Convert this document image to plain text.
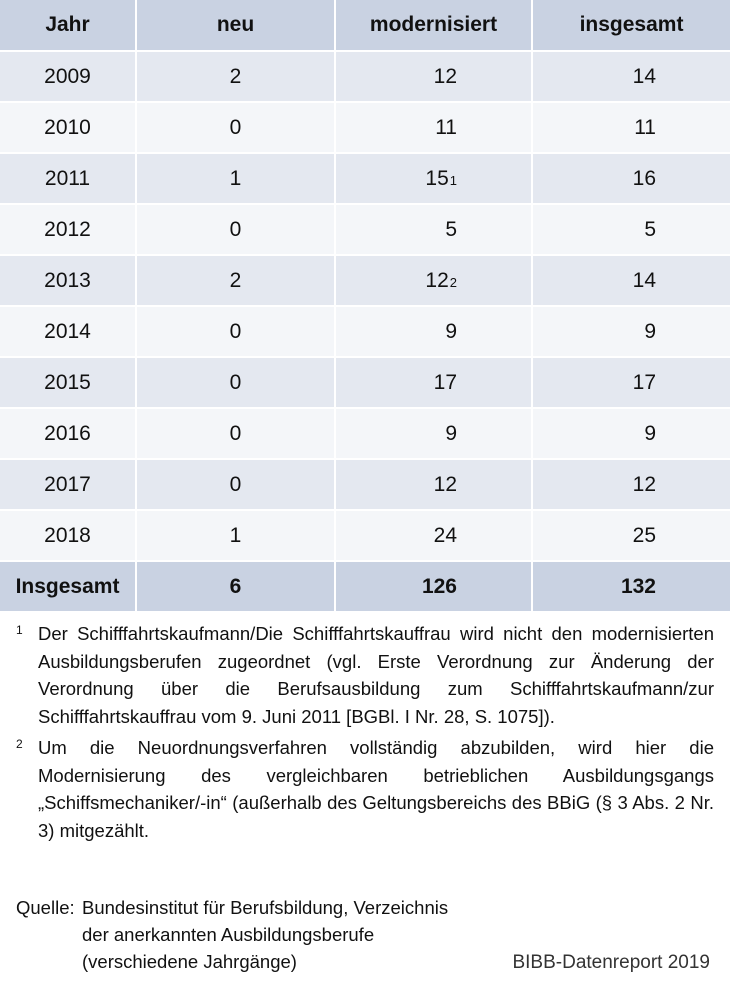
Jahr	neu	modernisiert	insgesamt
2009	2	12	14
2010	0	11	11
2011	1	$15^1$	16
2012	0	5	5
2013	2	$12^2$	14
2014	0	9	9
2015	0	17	17
2016	0	9	9
2017	0	12	12
2018	1	24	25
Insgesamt	6	126	132
1 Der Schifffahrtskaufmann/Die Schifffahrtskauffrau wird nicht den modernisierten Ausbildungsberufen zugeordnet (vgl. Erste Verordnung zur Änderung der Verordnung über die Berufsausbildung zum Schifffahrtskaufmann/zur Schifffahrtskauffrau vom 9. Juni 2011 [BGBl. I Nr. 28, S. 1075]).
2 Um die Neuordnungsverfahren vollständig abzubilden, wird hier die Modernisierung des vergleichbaren betrieblichen Ausbildungsgangs „Schiffsmechaniker/-in“ (außerhalb des Geltungsbereichs des BBiG (§ 3 Abs. 2 Nr. 3) mitgezählt.
Quelle: Bundesinstitut für Berufsbildung, Verzeichnis
der anerkannten Ausbildungsberufe
(verschiedene Jahrgänge)	BIBB-Datenreport 2019
